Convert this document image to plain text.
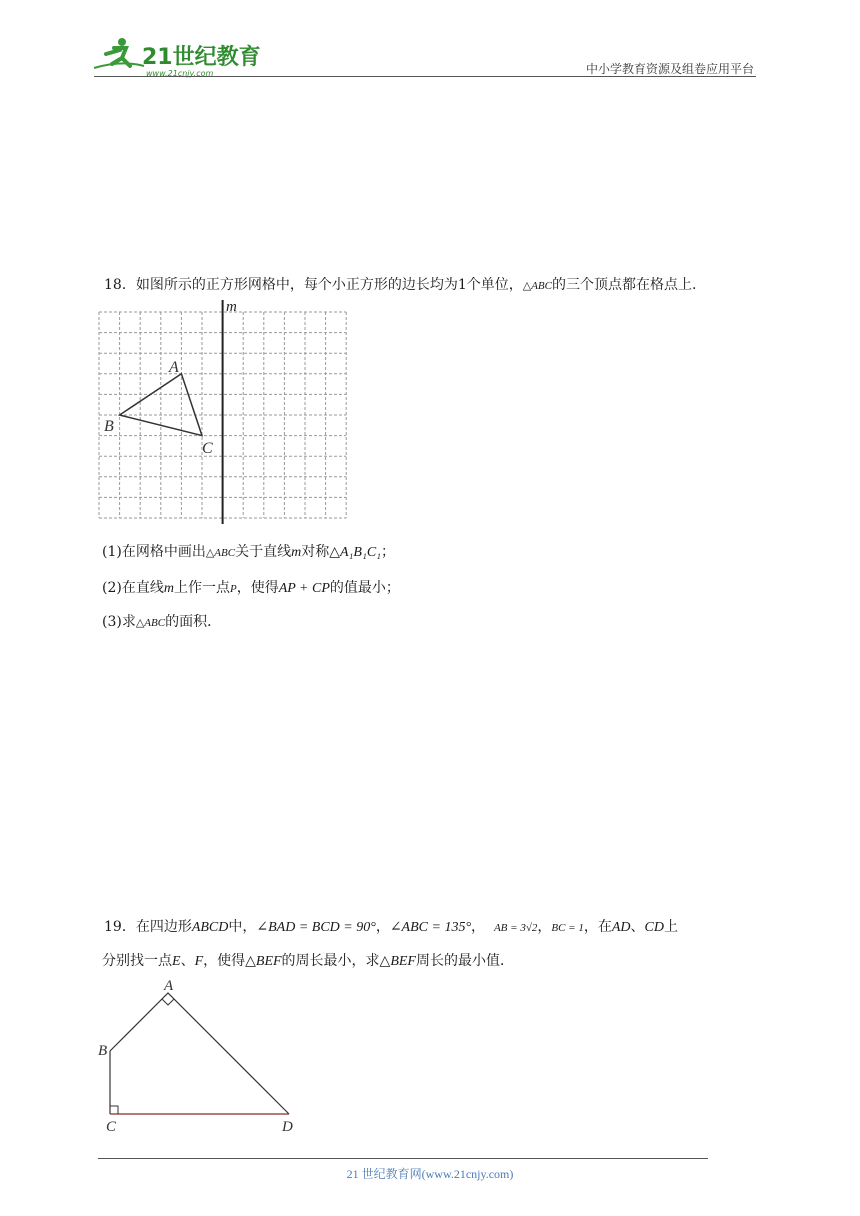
21世纪教育
www.21cnjy.com	中小学教育资源及组卷应用平台
18．如图所示的正方形网格中，每个小正方形的边长均为1个单位，△ABC的三个顶点都在格点上．
m
A
B
C
(1)在网格中画出△ABC关于直线m对称△A₁B₁C₁；
(2)在直线m上作一点P，使得AP + CP的值最小；
(3)求△ABC的面积．
19．在四边形ABCD中，∠BAD = BCD = 90°，∠ABC = 135°， AB = 3√2，BC = 1，在AD、CD上
分别找一点E、F，使得△BEF的周长最小，求△BEF周长的最小值．
A
B
C	D
21 世纪教育网(www.21cnjy.com)
